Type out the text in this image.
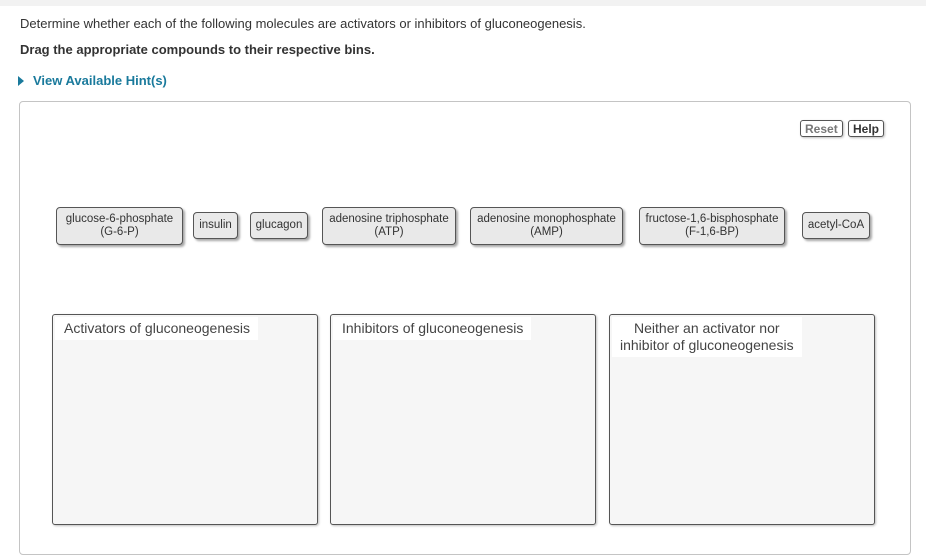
Determine whether each of the following molecules are activators or inhibitors of gluconeogenesis.
Drag the appropriate compounds to their respective bins.
View Available Hint(s)
Reset	Help
glucose-6-phosphate
(G-6-P)
insulin glucagon adenosine triphosphate
(ATP)
adenosine monophosphate
(AMP)
fructose-1,6-bisphosphate
(F-1,6-BP)
acetyl-CoA
Activators of gluconeogenesis	Inhibitors of gluconeogenesis	Neither an activator nor
inhibitor of gluconeogenesis
